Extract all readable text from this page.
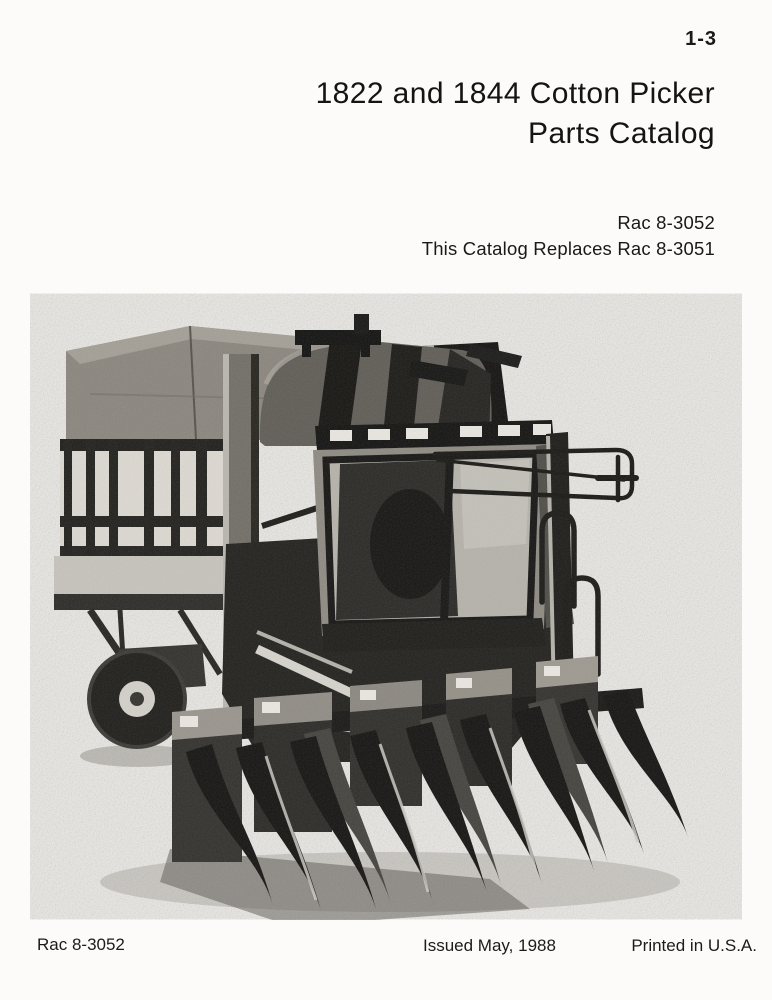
1-3
1822 and 1844 Cotton Picker
Parts Catalog
Rac 8-3052
This Catalog Replaces Rac 8-3051
Rac 8-3052	Issued May, 1988	Printed in U.S.A.
